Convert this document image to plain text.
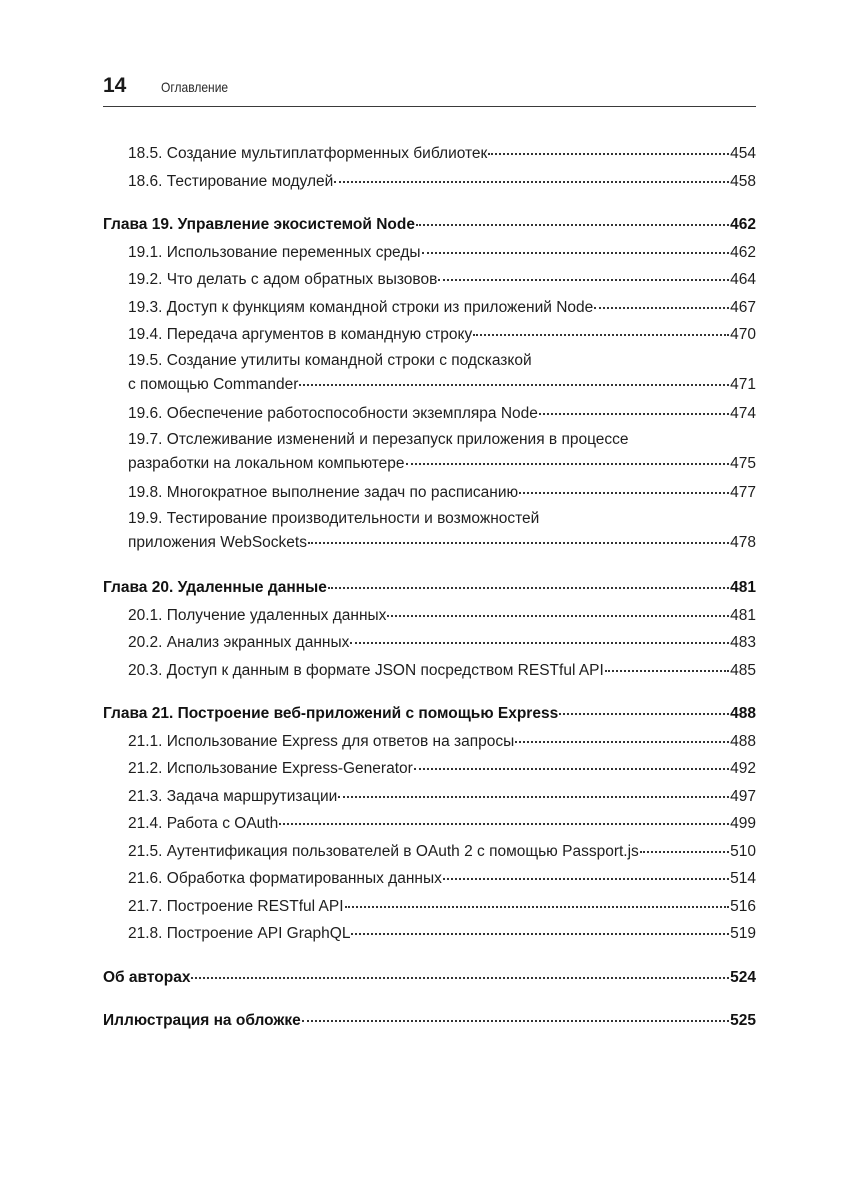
14 Оглавление
18.5. Создание мультиплатформенных библиотек	454
18.6. Тестирование модулей	458
Глава 19. Управление экосистемой Node	462
19.1. Использование переменных среды	462
19.2. Что делать с адом обратных вызовов	464
19.3. Доступ к функциям командной строки из приложений Node	467
19.4. Передача аргументов в командную строку	470
19.5. Создание утилиты командной строки с подсказкой
с помощью Commander	471
19.6. Обеспечение работоспособности экземпляра Node	474
19.7. Отслеживание изменений и перезапуск приложения в процессе
разработки на локальном компьютере	475
19.8. Многократное выполнение задач по расписанию	477
19.9. Тестирование производительности и возможностей
приложения WebSockets	478
Глава 20. Удаленные данные	481
20.1. Получение удаленных данных	481
20.2. Анализ экранных данных	483
20.3. Доступ к данным в формате JSON посредством RESTful API	485
Глава 21. Построение веб-приложений с помощью Express	488
21.1. Использование Express для ответов на запросы	488
21.2. Использование Express-Generator	492
21.3. Задача маршрутизации	497
21.4. Работа с OAuth	499
21.5. Аутентификация пользователей в OAuth 2 с помощью Passport.js	510
21.6. Обработка форматированных данных	514
21.7. Построение RESTful API	516
21.8. Построение API GraphQL	519
Об авторах	524
Иллюстрация на обложке	525
